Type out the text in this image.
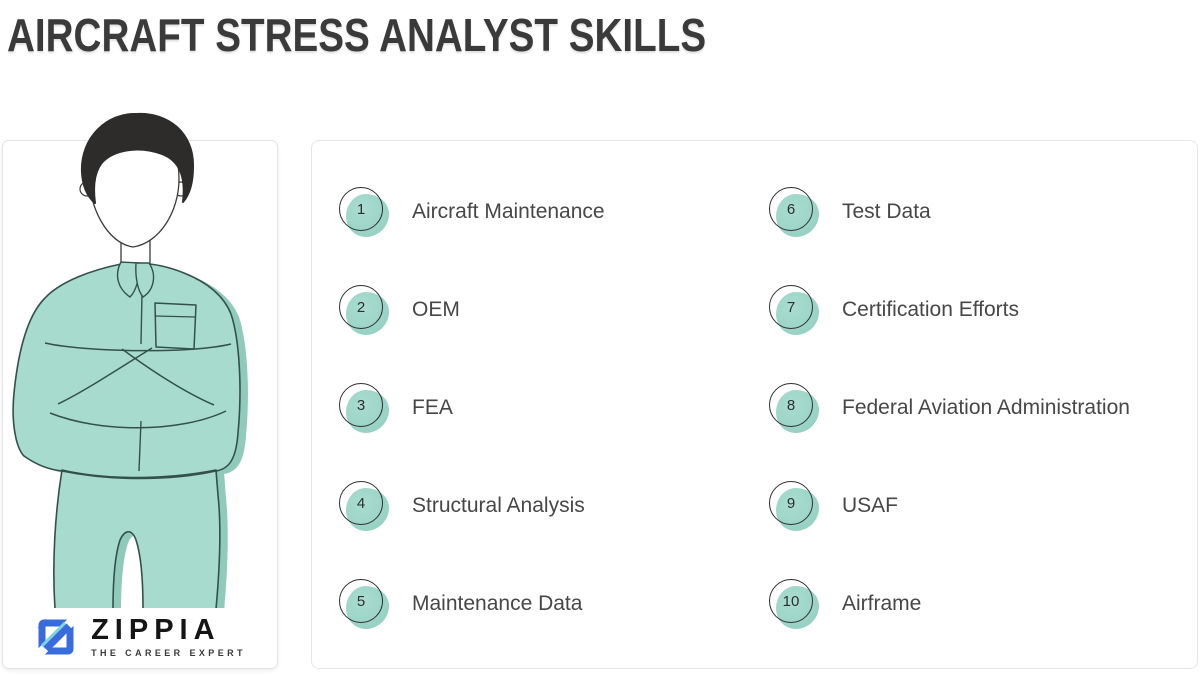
AIRCRAFT STRESS ANALYST SKILLS
ZIPPIA
THE CAREER EXPERT
1 Aircraft Maintenance
2 OEM
3 FEA
4 Structural Analysis
5 Maintenance Data
6 Test Data
7 Certification Efforts
8 Federal Aviation Administration
9 USAF
10 Airframe
